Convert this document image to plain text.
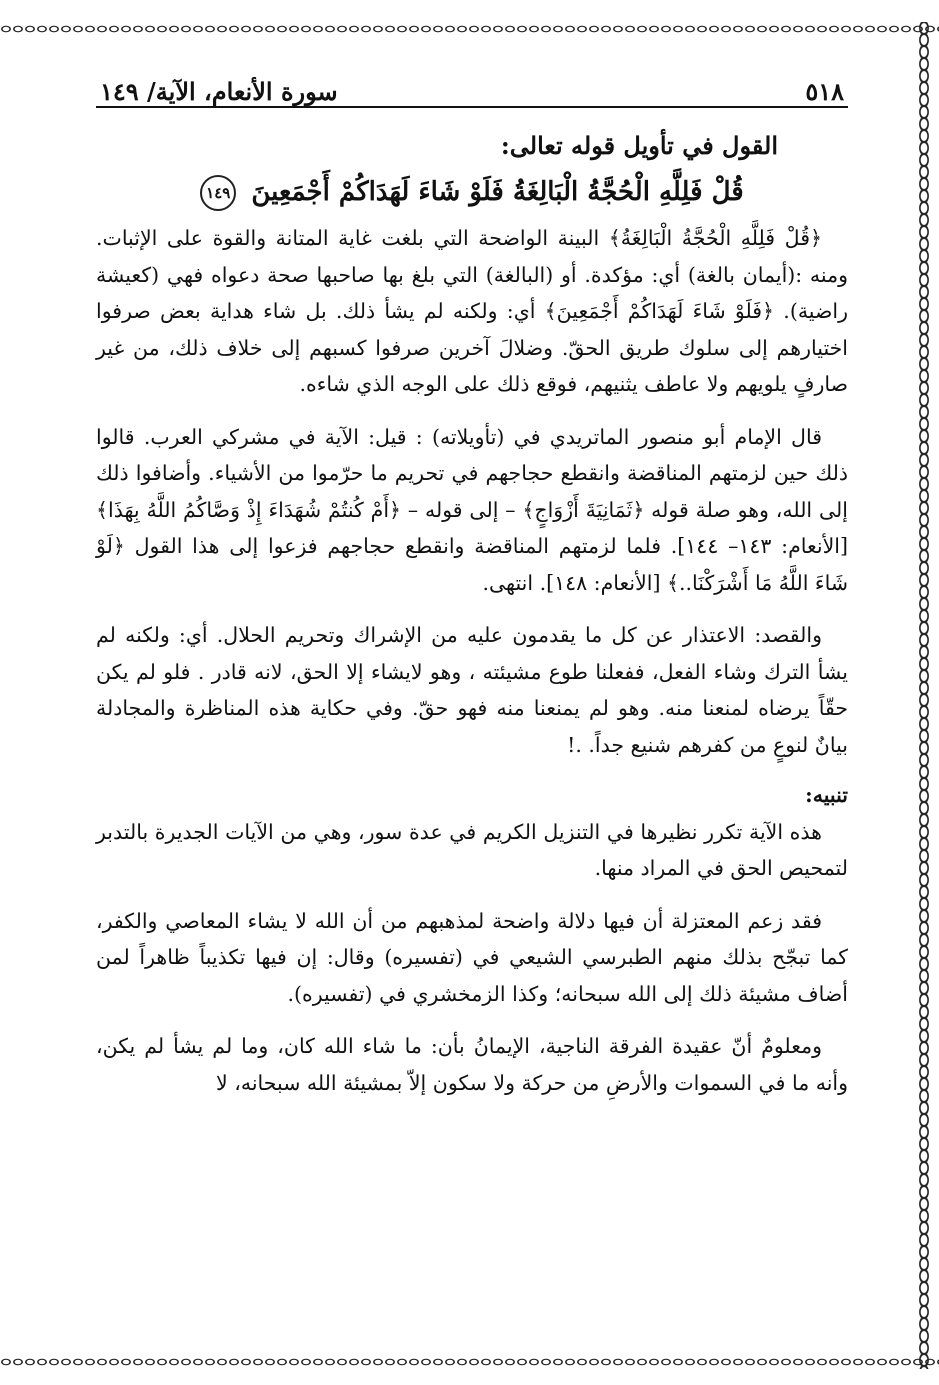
٥١٨
سورة الأنعام، الآية/ ١٤٩
القول في تأويل قوله تعالى:
قُلْ فَلِلَّهِ الْحُجَّةُ الْبَالِغَةُ فَلَوْ شَاءَ لَهَدَاكُمْ أَجْمَعِينَ ١٤٩

﴿قُلْ فَلِلَّهِ الْحُجَّةُ الْبَالِغَةُ﴾ البينة الواضحة التي بلغت غاية المتانة والقوة على الإثبات. ومنه :(أيمان بالغة) أي: مؤكدة. أو (البالغة) التي بلغ بها صاحبها صحة دعواه فهي (كعيشة راضية). ﴿فَلَوْ شَاءَ لَهَدَاكُمْ أَجْمَعِينَ﴾ أي: ولكنه لم يشأ ذلك. بل شاء هداية بعض صرفوا اختيارهم إلى سلوك طريق الحقّ. وضلالَ آخرين صرفوا كسبهم إلى خلاف ذلك، من غير صارفٍ يلويهم ولا عاطف يثنيهم، فوقع ذلك على الوجه الذي شاءه.

قال الإمام أبو منصور الماتريدي في (تأويلاته) : قيل: الآية في مشركي العرب. قالوا ذلك حين لزمتهم المناقضة وانقطع حجاجهم في تحريم ما حرّموا من الأشياء. وأضافوا ذلك إلى الله، وهو صلة قوله ﴿ثَمَانِيَةَ أَزْوَاجٍ﴾ – إلى قوله – ﴿أَمْ كُنتُمْ شُهَدَاءَ إِذْ وَصَّاكُمُ اللَّهُ بِهَذَا﴾ [الأنعام: ١٤٣– ١٤٤]. فلما لزمتهم المناقضة وانقطع حجاجهم فزعوا إلى هذا القول ﴿لَوْ شَاءَ اللَّهُ مَا أَشْرَكْنَا..﴾ [الأنعام: ١٤٨]. انتهى.

والقصد: الاعتذار عن كل ما يقدمون عليه من الإشراك وتحريم الحلال. أي: ولكنه لم يشأ الترك وشاء الفعل، ففعلنا طوع مشيئته ، وهو لايشاء إلا الحق، لانه قادر . فلو لم يكن حقّاً يرضاه لمنعنا منه. وهو لم يمنعنا منه فهو حقّ. وفي حكاية هذه المناظرة والمجادلة بيانٌ لنوعٍ من كفرهم شنيع جداً. .!

تنبيه:

هذه الآية تكرر نظيرها في التنزيل الكريم في عدة سور، وهي من الآيات الجديرة بالتدبر لتمحيص الحق في المراد منها.

فقد زعم المعتزلة أن فيها دلالة واضحة لمذهبهم من أن الله لا يشاء المعاصي والكفر، كما تبجّح بذلك منهم الطبرسي الشيعي في (تفسيره) وقال: إن فيها تكذيباً ظاهراً لمن أضاف مشيئة ذلك إلى الله سبحانه؛ وكذا الزمخشري في (تفسيره).

ومعلومٌ أنّ عقيدة الفرقة الناجية، الإيمانُ بأن: ما شاء الله كان، وما لم يشأ لم يكن، وأنه ما في السموات والأرضِ من حركة ولا سكون إلاّ بمشيئة الله سبحانه، لا
